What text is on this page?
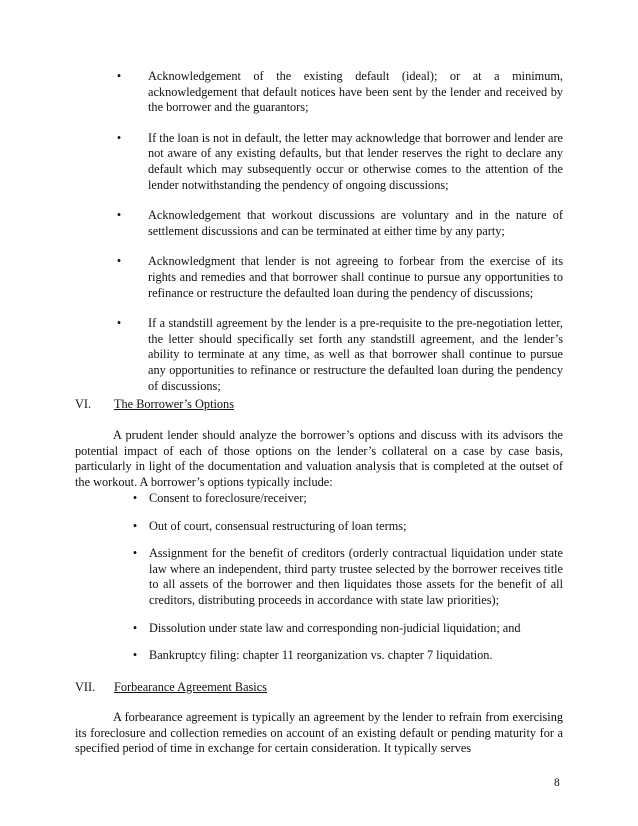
•	Acknowledgement of the existing default (ideal); or at a minimum, acknowledgement that default notices have been sent by the lender and received by the borrower and the guarantors;
•	If the loan is not in default, the letter may acknowledge that borrower and lender are not aware of any existing defaults, but that lender reserves the right to declare any default which may subsequently occur or otherwise comes to the attention of the lender notwithstanding the pendency of ongoing discussions;
•	Acknowledgement that workout discussions are voluntary and in the nature of settlement discussions and can be terminated at either time by any party;
•	Acknowledgment that lender is not agreeing to forbear from the exercise of its rights and remedies and that borrower shall continue to pursue any opportunities to refinance or restructure the defaulted loan during the pendency of discussions;
•	If a standstill agreement by the lender is a pre-requisite to the pre-negotiation letter, the letter should specifically set forth any standstill agreement, and the lender’s ability to terminate at any time, as well as that borrower shall continue to pursue any opportunities to refinance or restructure the defaulted loan during the pendency of discussions;
VI. The Borrower’s Options
A prudent lender should analyze the borrower’s options and discuss with its advisors the potential impact of each of those options on the lender’s collateral on a case by case basis, particularly in light of the documentation and valuation analysis that is completed at the outset of the workout. A borrower’s options typically include:
• Consent to foreclosure/receiver;
• Out of court, consensual restructuring of loan terms;
• Assignment for the benefit of creditors (orderly contractual liquidation under state law where an independent, third party trustee selected by the borrower receives title to all assets of the borrower and then liquidates those assets for the benefit of all creditors, distributing proceeds in accordance with state law priorities);
• Dissolution under state law and corresponding non-judicial liquidation; and
• Bankruptcy filing: chapter 11 reorganization vs. chapter 7 liquidation.
VII. Forbearance Agreement Basics
A forbearance agreement is typically an agreement by the lender to refrain from exercising its foreclosure and collection remedies on account of an existing default or pending maturity for a specified period of time in exchange for certain consideration. It typically serves
8
